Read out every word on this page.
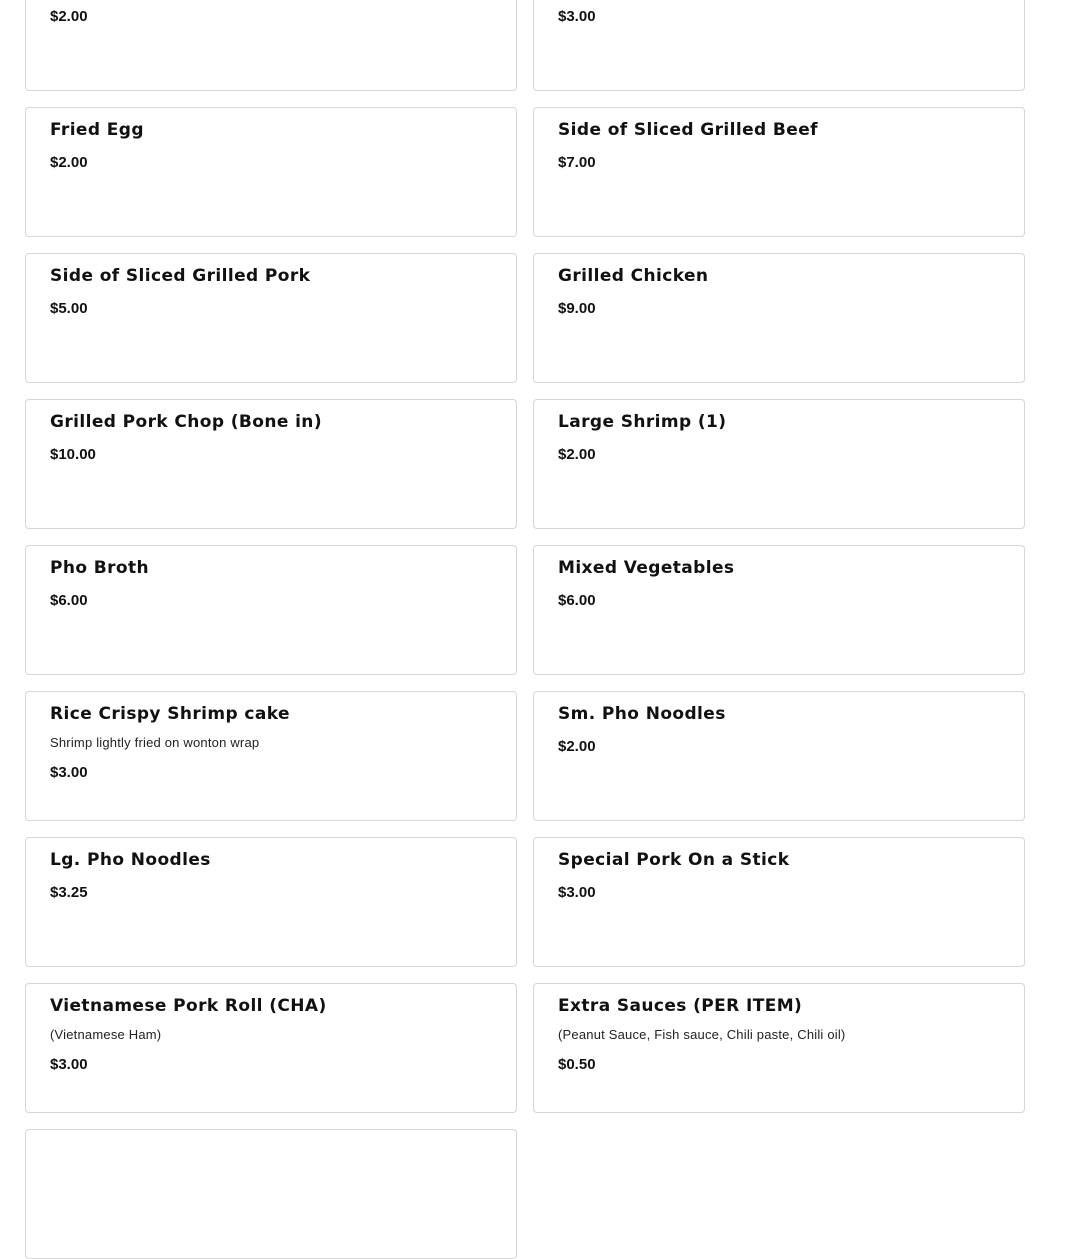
$2.00	$3.00
Fried Egg
$2.00
Side of Sliced Grilled Beef
$7.00
Side of Sliced Grilled Pork
$5.00
Grilled Chicken
$9.00
Grilled Pork Chop (Bone in)
$10.00
Large Shrimp (1)
$2.00
Pho Broth
$6.00
Mixed Vegetables
$6.00
Rice Crispy Shrimp cake
Shrimp lightly fried on wonton wrap
$3.00
Sm. Pho Noodles
$2.00
Lg. Pho Noodles
$3.25
Special Pork On a Stick
$3.00
Vietnamese Pork Roll (CHA)
(Vietnamese Ham)
$3.00
Extra Sauces (PER ITEM)
(Peanut Sauce, Fish sauce, Chili paste, Chili oil)
$0.50
